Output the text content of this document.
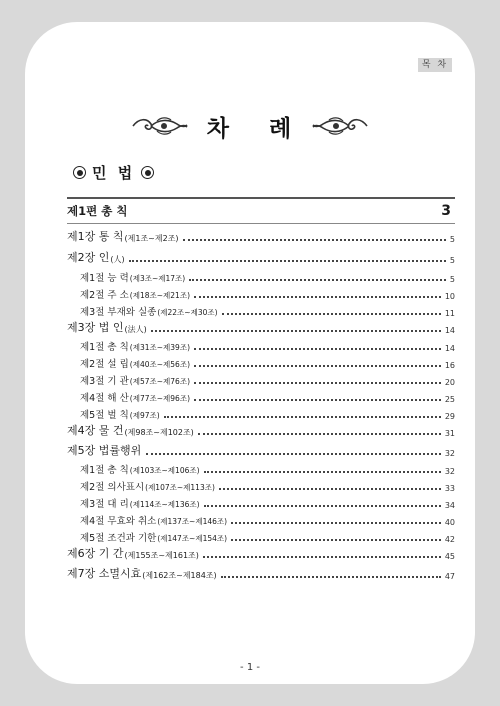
목 차
차 례
민 법
제1편 총 칙	3
제1장 통 칙 (제1조~제2조)	5
제2장 인 (人)	5
제1절 능 력 (제3조~제17조)	5
제2절 주 소 (제18조~제21조)	10
제3절 부재와 실종 (제22조~제30조)	11
제3장 법 인 (法人)	14
제1절 총 칙 (제31조~제39조)	14
제2절 설 립 (제40조~제56조)	16
제3절 기 관 (제57조~제76조)	20
제4절 해 산 (제77조~제96조)	25
제5절 벌 칙 (제97조)	29
제4장 물 건 (제98조~제102조)	31
제5장 법률행위	32
제1절 총 칙 (제103조~제106조)	32
제2절 의사표시 (제107조~제113조)	33
제3절 대 리 (제114조~제136조)	34
제4절 무효와 취소 (제137조~제146조)	40
제5절 조건과 기한 (제147조~제154조)	42
제6장 기 간 (제155조~제161조)	45
제7장 소멸시효 (제162조~제184조)	47
- 1 -
